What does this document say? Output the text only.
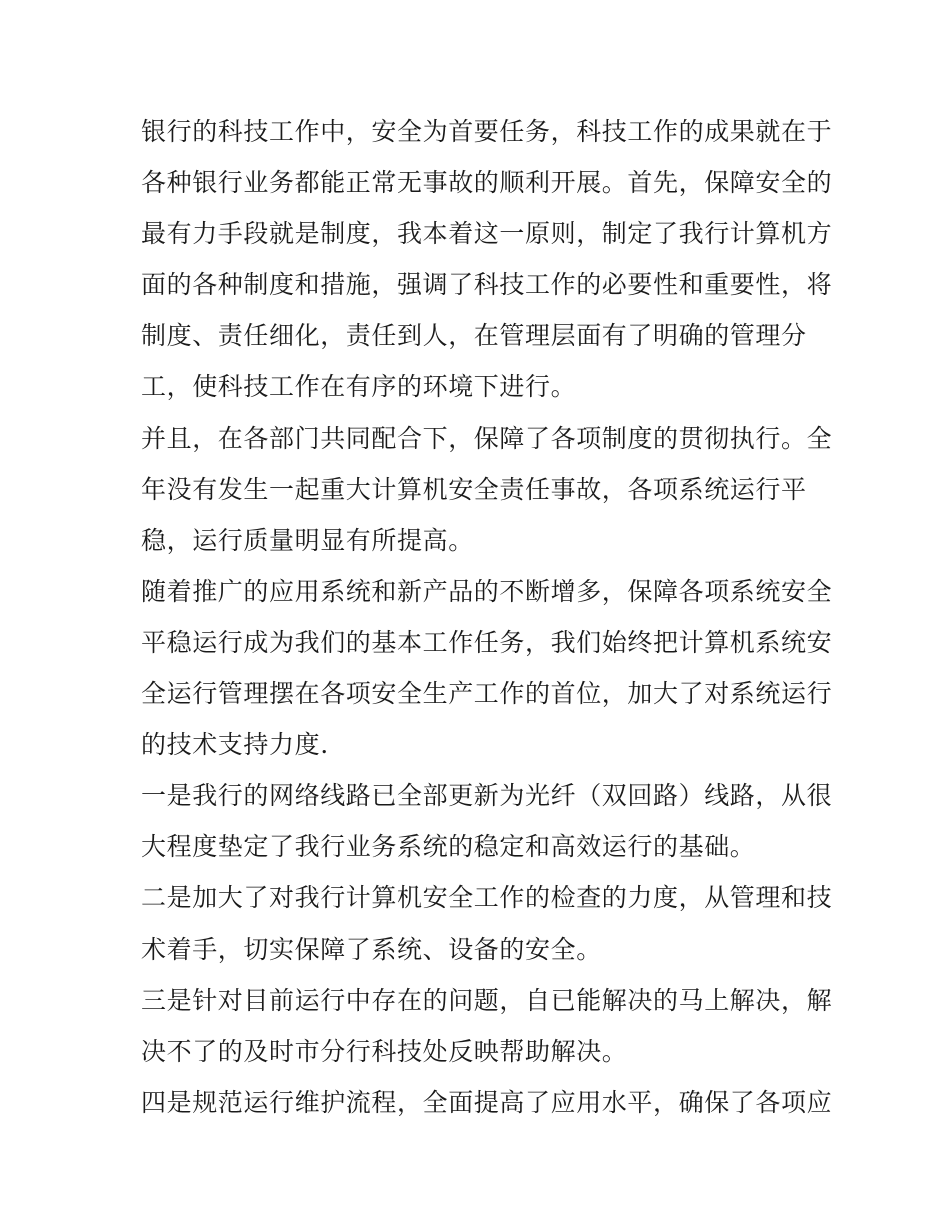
银行的科技工作中，安全为首要任务，科技工作的成果就在于
各种银行业务都能正常无事故的顺利开展。首先，保障安全的
最有力手段就是制度，我本着这一原则，制定了我行计算机方
面的各种制度和措施，强调了科技工作的必要性和重要性，将
制度、责任细化，责任到人，在管理层面有了明确的管理分
工，使科技工作在有序的环境下进行。
并且，在各部门共同配合下，保障了各项制度的贯彻执行。全
年没有发生一起重大计算机安全责任事故，各项系统运行平
稳，运行质量明显有所提高。
随着推广的应用系统和新产品的不断增多，保障各项系统安全
平稳运行成为我们的基本工作任务，我们始终把计算机系统安
全运行管理摆在各项安全生产工作的首位，加大了对系统运行
的技术支持力度.
一是我行的网络线路已全部更新为光纤（双回路）线路，从很
大程度垫定了我行业务系统的稳定和高效运行的基础。
二是加大了对我行计算机安全工作的检查的力度，从管理和技
术着手，切实保障了系统、设备的安全。
三是针对目前运行中存在的问题，自已能解决的马上解决，解
决不了的及时市分行科技处反映帮助解决。
四是规范运行维护流程，全面提高了应用水平，确保了各项应
